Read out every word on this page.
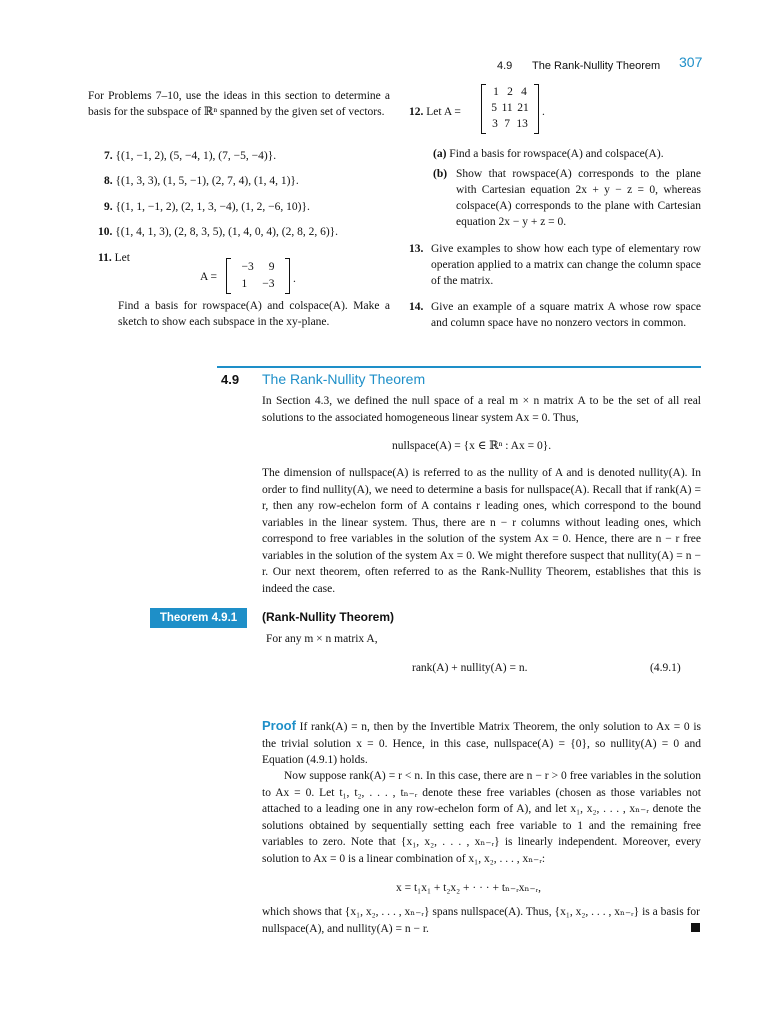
4.9 The Rank-Nullity Theorem 307
For Problems 7–10, use the ideas in this section to determine a basis for the subspace of ℝⁿ spanned by the given set of vectors.
7. {(1, −1, 2), (5, −4, 1), (7, −5, −4)}.
8. {(1, 3, 3), (1, 5, −1), (2, 7, 4), (1, 4, 1)}.
9. {(1, 1, −1, 2), (2, 1, 3, −4), (1, 2, −6, 10)}.
10. {(1, 4, 1, 3), (2, 8, 3, 5), (1, 4, 0, 4), (2, 8, 2, 6)}.
11. Let
A =
−3 9
1 −3 .
Find a basis for rowspace(A) and colspace(A). Make a sketch to show each subspace in the xy-plane.
12. Let A =
1 2 4
5 11 21
3 7 13
.
(a) Find a basis for rowspace(A) and colspace(A).
(b) Show that rowspace(A) corresponds to the plane with Cartesian equation 2x + y − z = 0, whereas colspace(A) corresponds to the plane with Cartesian equation 2x − y + z = 0.
13. Give examples to show how each type of elementary row operation applied to a matrix can change the column space of the matrix.
14. Give an example of a square matrix A whose row space and column space have no nonzero vectors in common.
4.9 The Rank-Nullity Theorem
In Section 4.3, we defined the null space of a real m × n matrix A to be the set of all real solutions to the associated homogeneous linear system Ax = 0. Thus,
nullspace(A) = {x ∈ ℝⁿ : Ax = 0}.
The dimension of nullspace(A) is referred to as the nullity of A and is denoted nullity(A). In order to find nullity(A), we need to determine a basis for nullspace(A). Recall that if rank(A) = r, then any row-echelon form of A contains r leading ones, which correspond to the bound variables in the linear system. Thus, there are n − r columns without leading ones, which correspond to free variables in the solution of the system Ax = 0. Hence, there are n − r free variables in the solution of the system Ax = 0. We might therefore suspect that nullity(A) = n − r. Our next theorem, often referred to as the Rank-Nullity Theorem, establishes that this is indeed the case.
Theorem 4.9.1	(Rank-Nullity Theorem)
For any m × n matrix A,
rank(A) + nullity(A) = n.	(4.9.1)
Proof If rank(A) = n, then by the Invertible Matrix Theorem, the only solution to Ax = 0 is the trivial solution x = 0. Hence, in this case, nullspace(A) = {0}, so nullity(A) = 0 and Equation (4.9.1) holds.
Now suppose rank(A) = r < n. In this case, there are n − r > 0 free variables in the solution to Ax = 0. Let t₁, t₂, . . . , tₙ₋ᵣ denote these free variables (chosen as those variables not attached to a leading one in any row-echelon form of A), and let x₁, x₂, . . . , xₙ₋ᵣ denote the solutions obtained by sequentially setting each free variable to 1 and the remaining free variables to zero. Note that {x₁, x₂, . . . , xₙ₋ᵣ} is linearly independent. Moreover, every solution to Ax = 0 is a linear combination of x₁, x₂, . . . , xₙ₋ᵣ:
x = t₁x₁ + t₂x₂ + · · · + tₙ₋ᵣxₙ₋ᵣ,
which shows that {x₁, x₂, . . . , xₙ₋ᵣ} spans nullspace(A). Thus, {x₁, x₂, . . . , xₙ₋ᵣ} is a basis for nullspace(A), and nullity(A) = n − r.
